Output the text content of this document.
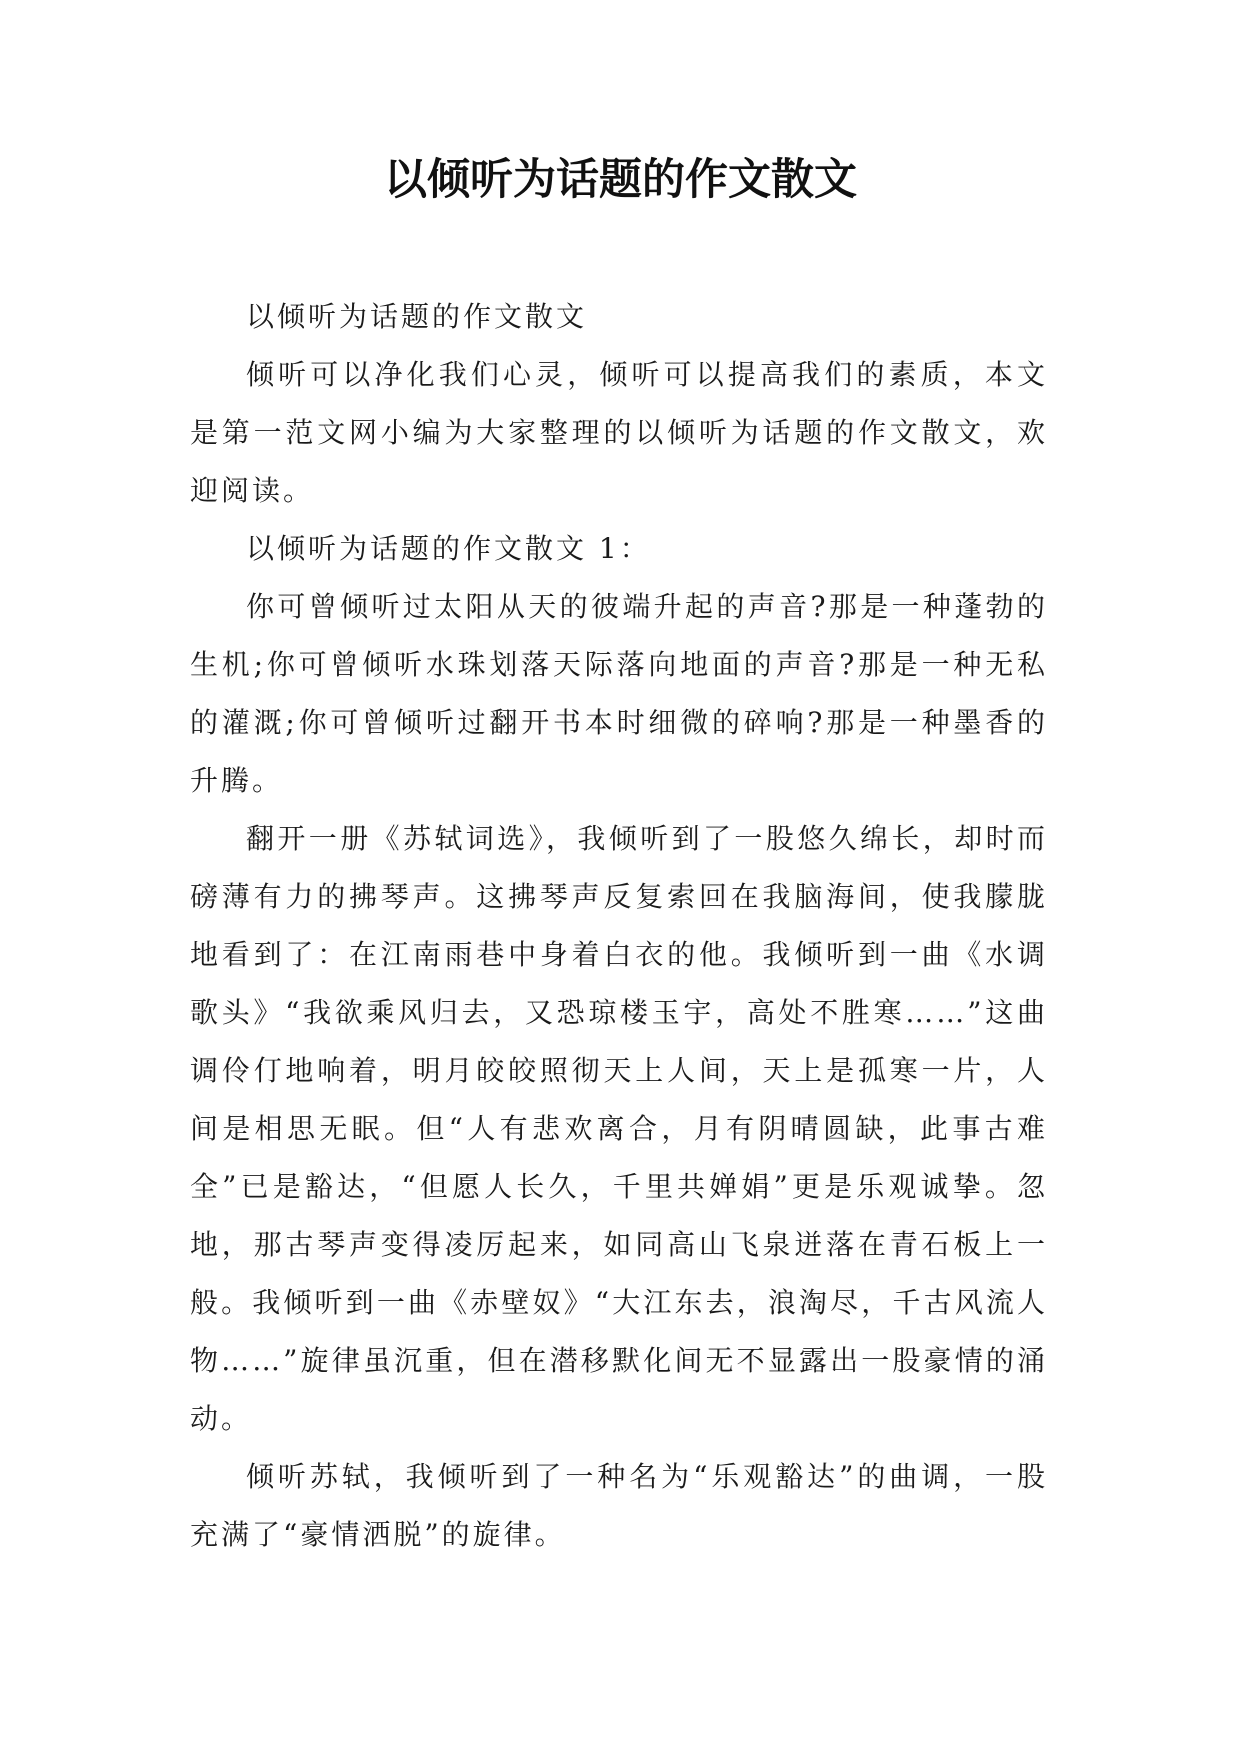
以倾听为话题的作文散文

以倾听为话题的作文散文

倾听可以净化我们心灵，倾听可以提高我们的素质，本文是第一范文网小编为大家整理的以倾听为话题的作文散文，欢迎阅读。

以倾听为话题的作文散文 1：

你可曾倾听过太阳从天的彼端升起的声音?那是一种蓬勃的生机;你可曾倾听水珠划落天际落向地面的声音?那是一种无私的灌溉;你可曾倾听过翻开书本时细微的碎响?那是一种墨香的升腾。

翻开一册《苏轼词选》，我倾听到了一股悠久绵长，却时而磅薄有力的拂琴声。这拂琴声反复索回在我脑海间，使我朦胧地看到了：在江南雨巷中身着白衣的他。我倾听到一曲《水调歌头》“我欲乘风归去，又恐琼楼玉宇，高处不胜寒……”这曲调伶仃地响着，明月皎皎照彻天上人间，天上是孤寒一片，人间是相思无眠。但“人有悲欢离合，月有阴晴圆缺，此事古难全”已是豁达，“但愿人长久，千里共婵娟”更是乐观诚挚。忽地，那古琴声变得凌厉起来，如同高山飞泉迸落在青石板上一般。我倾听到一曲《赤壁奴》“大江东去，浪淘尽，千古风流人物……”旋律虽沉重，但在潜移默化间无不显露出一股豪情的涌动。

倾听苏轼，我倾听到了一种名为“乐观豁达”的曲调，一股充满了“豪情洒脱”的旋律。
